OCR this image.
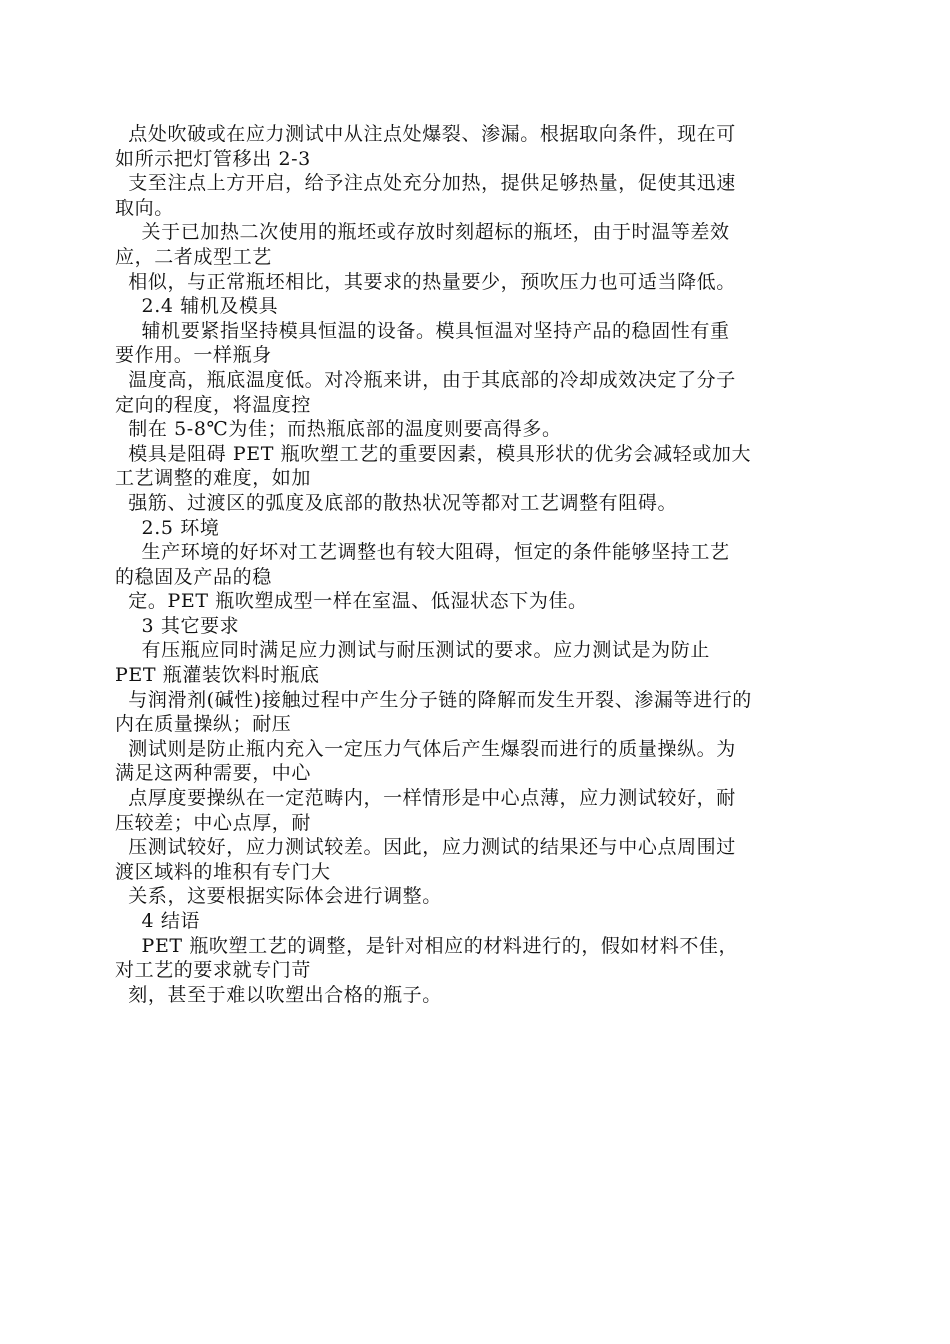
点处吹破或在应力测试中从注点处爆裂、渗漏。根据取向条件，现在可
如所示把灯管移出 2-3
支至注点上方开启，给予注点处充分加热，提供足够热量，促使其迅速
取向。
关于已加热二次使用的瓶坯或存放时刻超标的瓶坯，由于时温等差效
应，二者成型工艺
相似，与正常瓶坯相比，其要求的热量要少，预吹压力也可适当降低。
2.4 辅机及模具
辅机要紧指坚持模具恒温的设备。模具恒温对坚持产品的稳固性有重
要作用。一样瓶身
温度高，瓶底温度低。对冷瓶来讲，由于其底部的冷却成效决定了分子
定向的程度，将温度控
制在 5-8℃为佳；而热瓶底部的温度则要高得多。
模具是阻碍 PET 瓶吹塑工艺的重要因素，模具形状的优劣会减轻或加大
工艺调整的难度，如加
强筋、过渡区的弧度及底部的散热状况等都对工艺调整有阻碍。
2.5 环境
生产环境的好坏对工艺调整也有较大阻碍，恒定的条件能够坚持工艺
的稳固及产品的稳
定。PET 瓶吹塑成型一样在室温、低湿状态下为佳。
3 其它要求
有压瓶应同时满足应力测试与耐压测试的要求。应力测试是为防止
PET 瓶灌装饮料时瓶底
与润滑剂(碱性)接触过程中产生分子链的降解而发生开裂、渗漏等进行的
内在质量操纵；耐压
测试则是防止瓶内充入一定压力气体后产生爆裂而进行的质量操纵。为
满足这两种需要，中心
点厚度要操纵在一定范畴内，一样情形是中心点薄，应力测试较好，耐
压较差；中心点厚，耐
压测试较好，应力测试较差。因此，应力测试的结果还与中心点周围过
渡区域料的堆积有专门大
关系，这要根据实际体会进行调整。
4 结语
PET 瓶吹塑工艺的调整，是针对相应的材料进行的，假如材料不佳，
对工艺的要求就专门苛
刻，甚至于难以吹塑出合格的瓶子。
